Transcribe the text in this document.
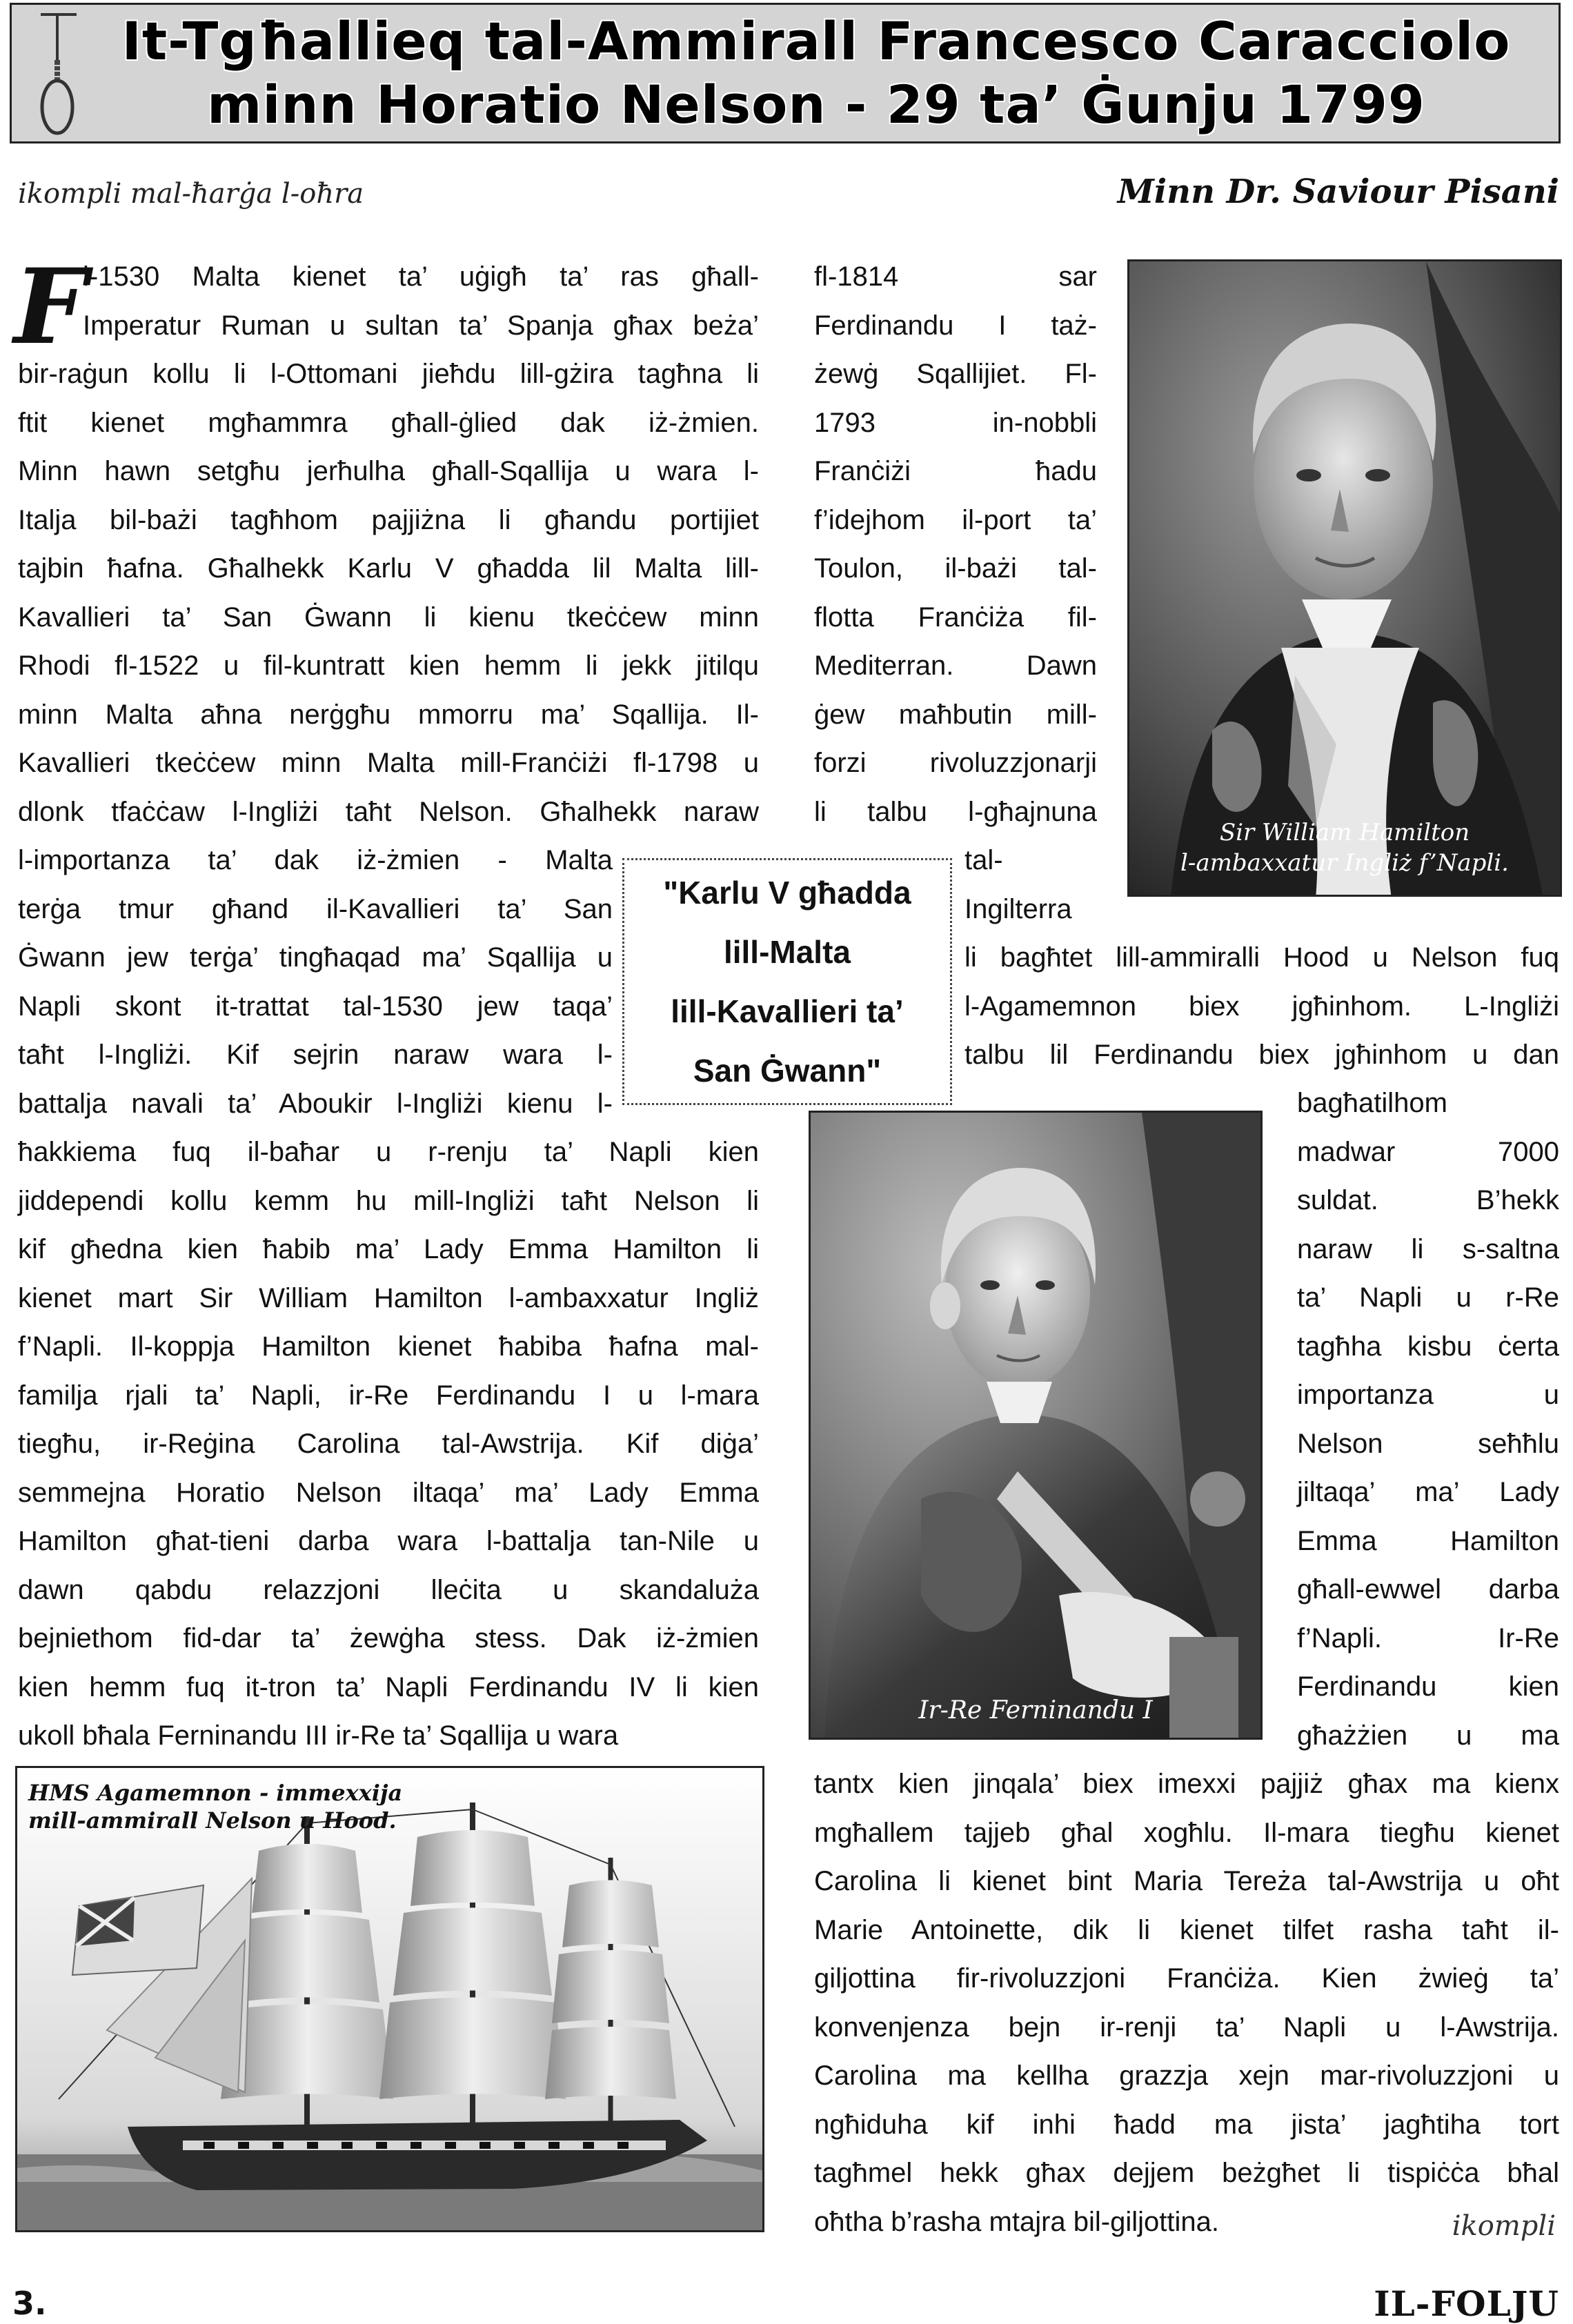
It-Tgħallieq tal-Ammirall Francesco Caracciolo
minn Horatio Nelson - 29 ta’ Ġunju 1799
ikompli mal-ħarġa l-oħra	Minn Dr. Saviour Pisani
F
l-1530 Malta kienet ta’ uġigħ ta’ ras għall-
Imperatur Ruman u sultan ta’ Spanja għax beża’
bir-raġun kollu li l-Ottomani jieħdu lill-gżira tagħna li
ftit kienet mgħammra għall-ġlied dak iż-żmien.
Minn hawn setgħu jerħulha għall-Sqallija u wara l-
Italja bil-bażi tagħhom pajjiżna li għandu portijiet
tajbin ħafna. Għalhekk Karlu V għadda lil Malta lill-
Kavallieri ta’ San Ġwann li kienu tkeċċew minn
Rhodi fl-1522 u fil-kuntratt kien hemm li jekk jitilqu
minn Malta aħna nerġgħu mmorru ma’ Sqallija. Il-
Kavallieri tkeċċew minn Malta mill-Franċiżi fl-1798 u
dlonk tfaċċaw l-Ingliżi taħt Nelson. Għalhekk naraw
l-importanza ta’ dak iż-żmien - Malta
terġa tmur għand il-Kavallieri ta’ San
Ġwann jew terġa’ tingħaqad ma’ Sqallija u
Napli skont it-trattat tal-1530 jew taqa’
taħt l-Ingliżi. Kif sejrin naraw wara l-
battalja navali ta’ Aboukir l-Ingliżi kienu l-
ħakkiema fuq il-baħar u r-renju ta’ Napli kien
jiddependi kollu kemm hu mill-Ingliżi taħt Nelson li
kif għedna kien ħabib ma’ Lady Emma Hamilton li
kienet mart Sir William Hamilton l-ambaxxatur Ingliż
f’Napli. Il-koppja Hamilton kienet ħabiba ħafna mal-
familja rjali ta’ Napli, ir-Re Ferdinandu I u l-mara
tiegħu, ir-Reġina Carolina tal-Awstrija. Kif diġa’
semmejna Horatio Nelson iltaqa’ ma’ Lady Emma
Hamilton għat-tieni darba wara l-battalja tan-Nile u
dawn qabdu relazzjoni lleċita u skandaluża
bejniethom fid-dar ta’ żewġha stess. Dak iż-żmien
kien hemm fuq it-tron ta’ Napli Ferdinandu IV li kien
ukoll bħala Ferninandu III ir-Re ta’ Sqallija u wara
fl-1814 sar
Ferdinandu I taż-
żewġ Sqallijiet. Fl-
1793 in-nobbli
Franċiżi ħadu
f’idejhom il-port ta’
Toulon, il-bażi tal-
flotta Franċiża fil-
Mediterran. Dawn
ġew maħbutin mill-
forzi rivoluzzjonarji
li talbu l-għajnuna
tal-
Ingilterra
li bagħtet lill-ammiralli Hood u Nelson fuq
l-Agamemnon biex jgħinhom. L-Ingliżi
talbu lil Ferdinandu biex jgħinhom u dan
bagħatilhom
madwar 7000
suldat. B’hekk
naraw li s-saltna
ta’ Napli u r-Re
tagħha kisbu ċerta
importanza u
Nelson seħħlu
jiltaqa’ ma’ Lady
Emma Hamilton
għall-ewwel darba
f’Napli. Ir-Re
Ferdinandu kien
għażżien u ma
tantx kien jinqala’ biex imexxi pajjiż għax ma kienx
mgħallem tajjeb għal xogħlu. Il-mara tiegħu kienet
Carolina li kienet bint Maria Tereża tal-Awstrija u oħt
Marie Antoinette, dik li kienet tilfet rasha taħt il-
giljottina fir-rivoluzzjoni Franċiża. Kien żwieġ ta’
konvenjenza bejn ir-renji ta’ Napli u l-Awstrija.
Carolina ma kellha grazzja xejn mar-rivoluzzjoni u
ngħiduha kif inhi ħadd ma jista’ jagħtiha tort
tagħmel hekk għax dejjem beżgħet li tispiċċa bħal
oħtha b’rasha mtajra bil-giljottina.
"Karlu V għadda
lill-Malta
lill-Kavallieri ta’
San Ġwann"
Sir William Hamilton
l-ambaxxatur Ingliż f’Napli.
Ir-Re Ferninandu I
HMS Agamemnon - immexxija
mill-ammirall Nelson u Hood.
ikompli
3.	IL-FOLJU
